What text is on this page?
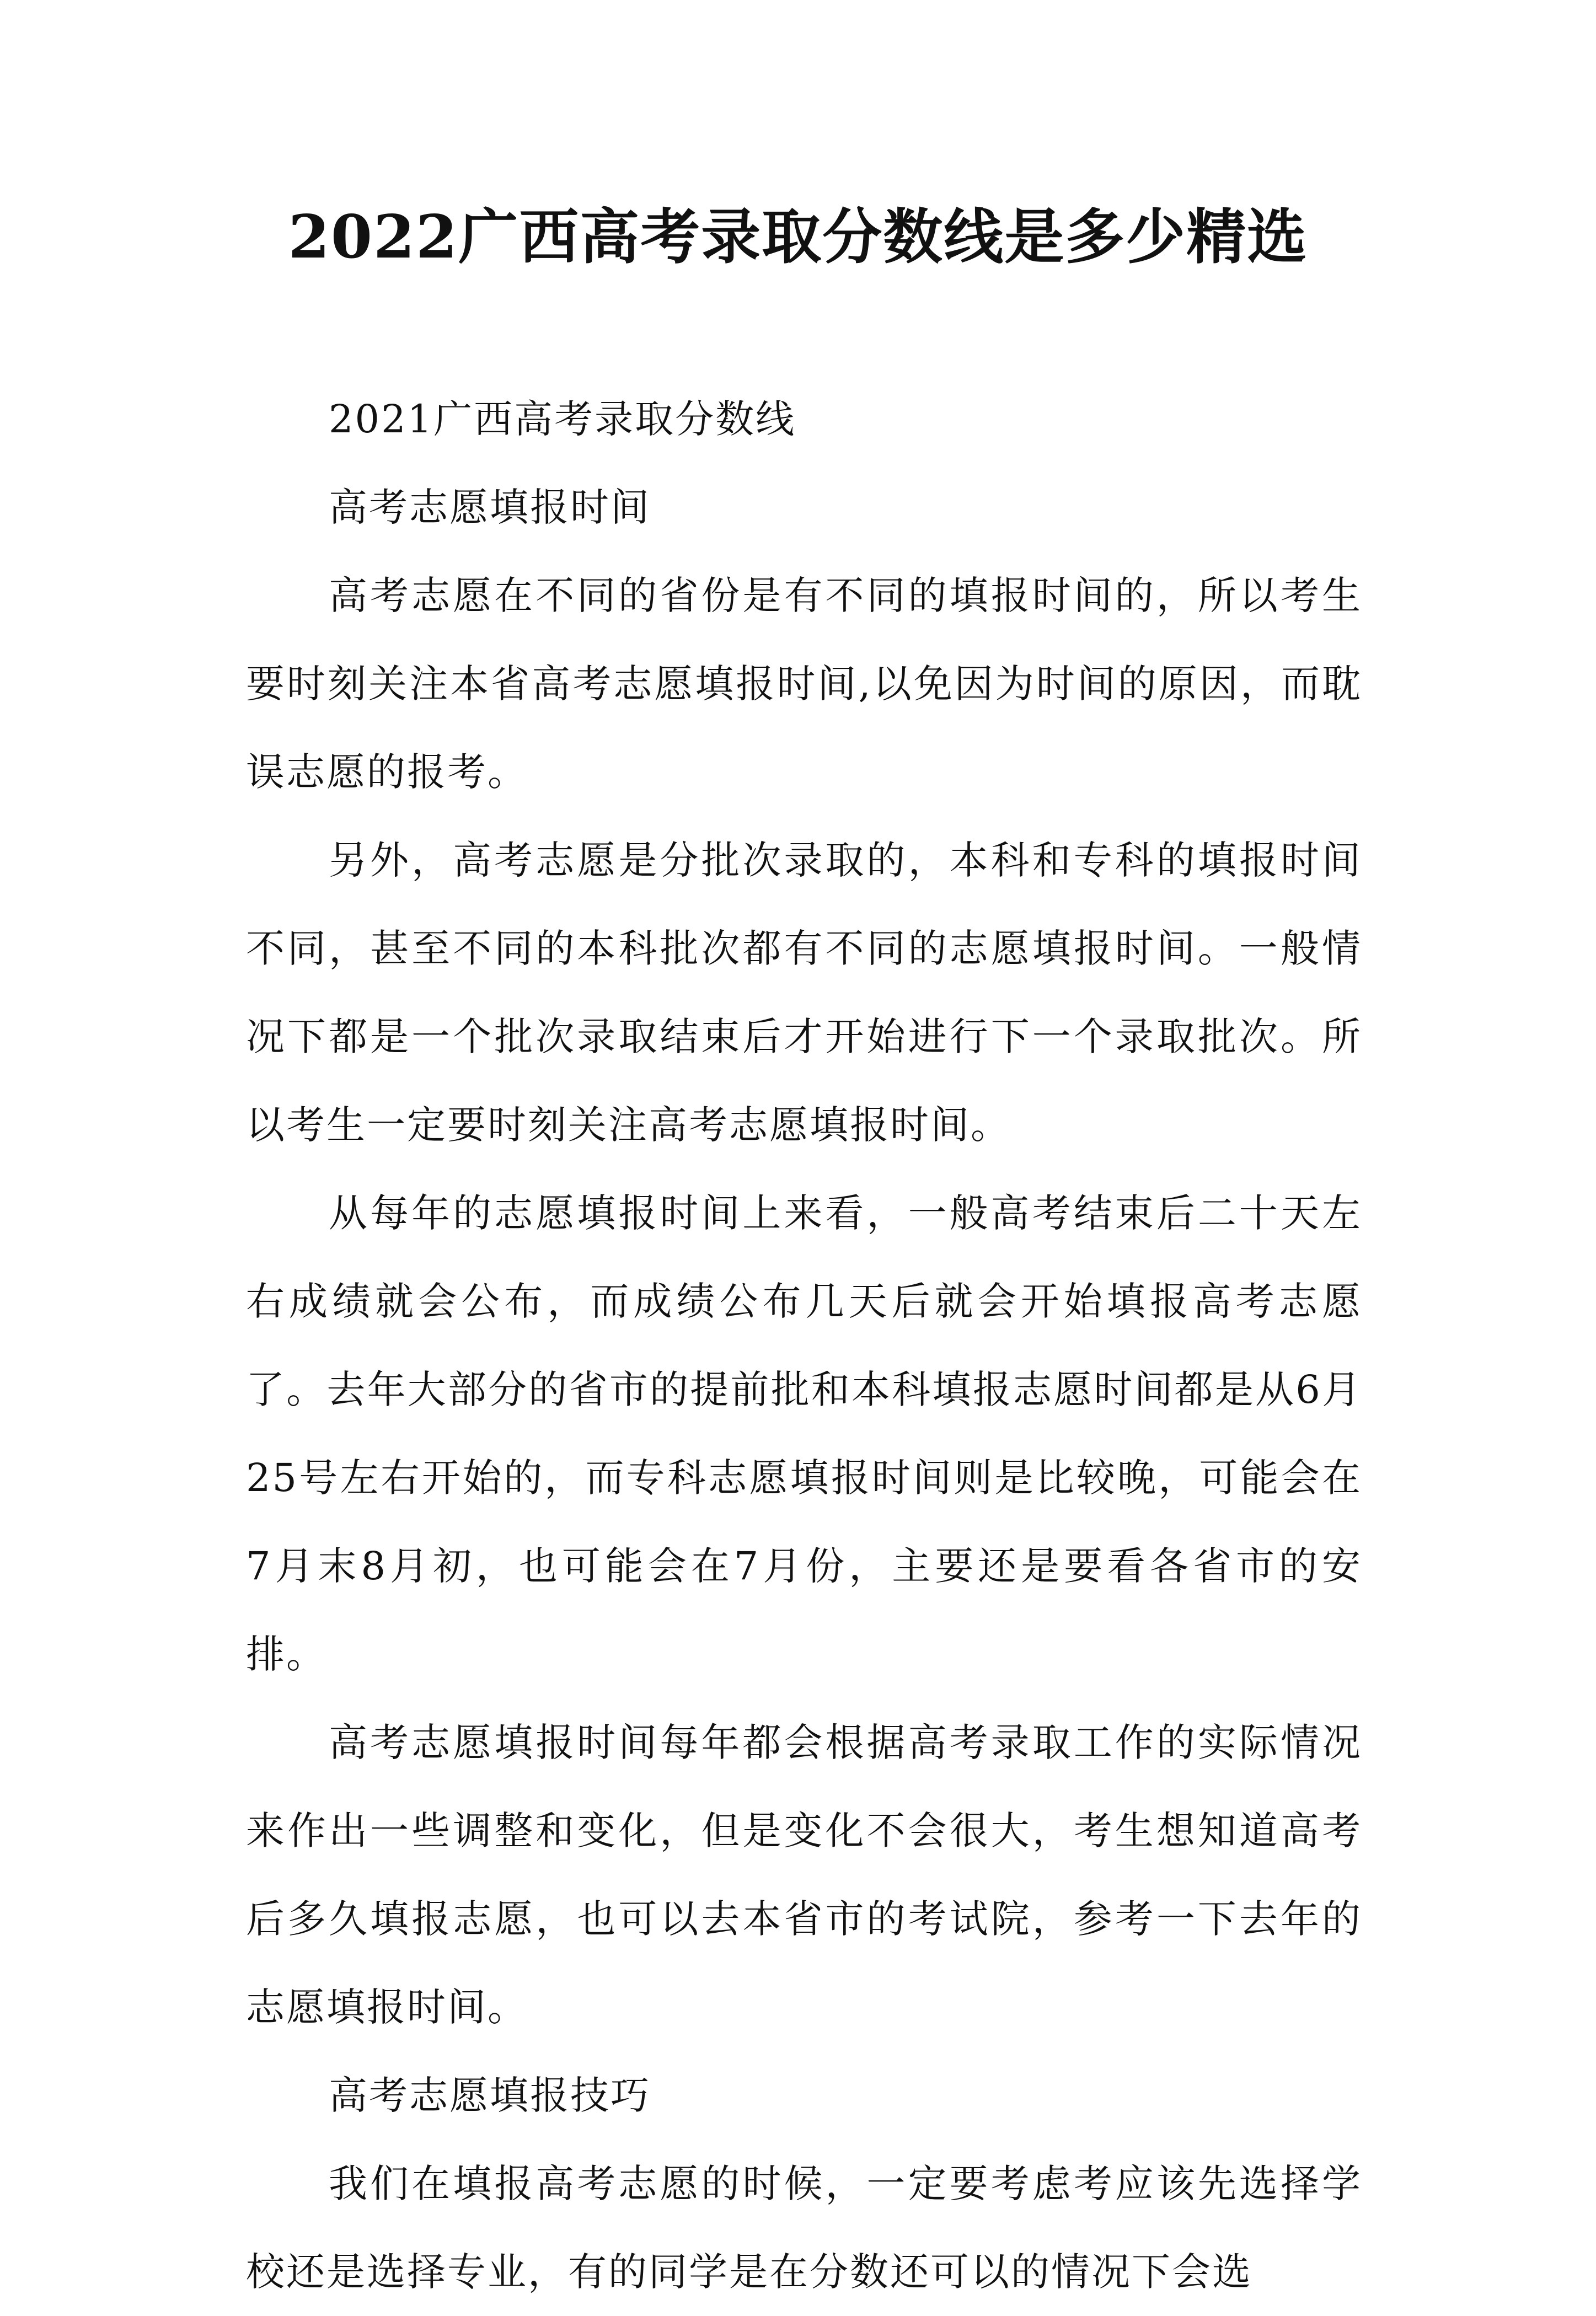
2022广西高考录取分数线是多少精选

2021广西高考录取分数线

高考志愿填报时间

高考志愿在不同的省份是有不同的填报时间的，所以考生要时刻关注本省高考志愿填报时间,以免因为时间的原因，而耽误志愿的报考。

另外，高考志愿是分批次录取的，本科和专科的填报时间不同，甚至不同的本科批次都有不同的志愿填报时间。一般情况下都是一个批次录取结束后才开始进行下一个录取批次。所以考生一定要时刻关注高考志愿填报时间。

从每年的志愿填报时间上来看，一般高考结束后二十天左右成绩就会公布，而成绩公布几天后就会开始填报高考志愿了。去年大部分的省市的提前批和本科填报志愿时间都是从6月25号左右开始的，而专科志愿填报时间则是比较晚，可能会在7月末8月初，也可能会在7月份，主要还是要看各省市的安排。

高考志愿填报时间每年都会根据高考录取工作的实际情况来作出一些调整和变化，但是变化不会很大，考生想知道高考后多久填报志愿，也可以去本省市的考试院，参考一下去年的志愿填报时间。

高考志愿填报技巧

我们在填报高考志愿的时候，一定要考虑考应该先选择学校还是选择专业，有的同学是在分数还可以的情况下会选
